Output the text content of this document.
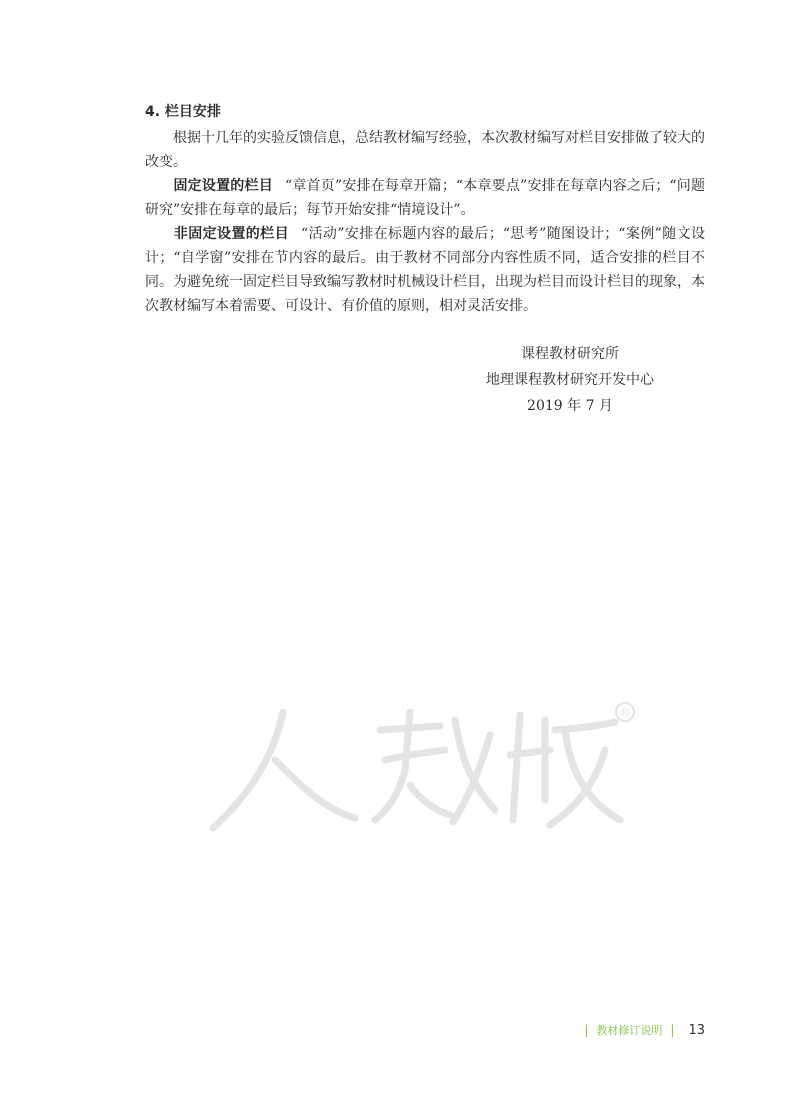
4. 栏目安排

　　根据十几年的实验反馈信息，总结教材编写经验，本次教材编写对栏目安排做了较大的改变。

　　固定设置的栏目 “章首页”安排在每章开篇；“本章要点”安排在每章内容之后；“问题研究”安排在每章的最后；每节开始安排“情境设计”。

　　非固定设置的栏目 “活动”安排在标题内容的最后；“思考”随图设计；“案例”随文设计；“自学窗”安排在节内容的最后。由于教材不同部分内容性质不同，适合安排的栏目不同。为避免统一固定栏目导致编写教材时机械设计栏目，出现为栏目而设计栏目的现象，本次教材编写本着需要、可设计、有价值的原则，相对灵活安排。

课程教材研究所
地理课程教材研究开发中心
2019 年 7 月
®
| 教材修订说明 | 13
